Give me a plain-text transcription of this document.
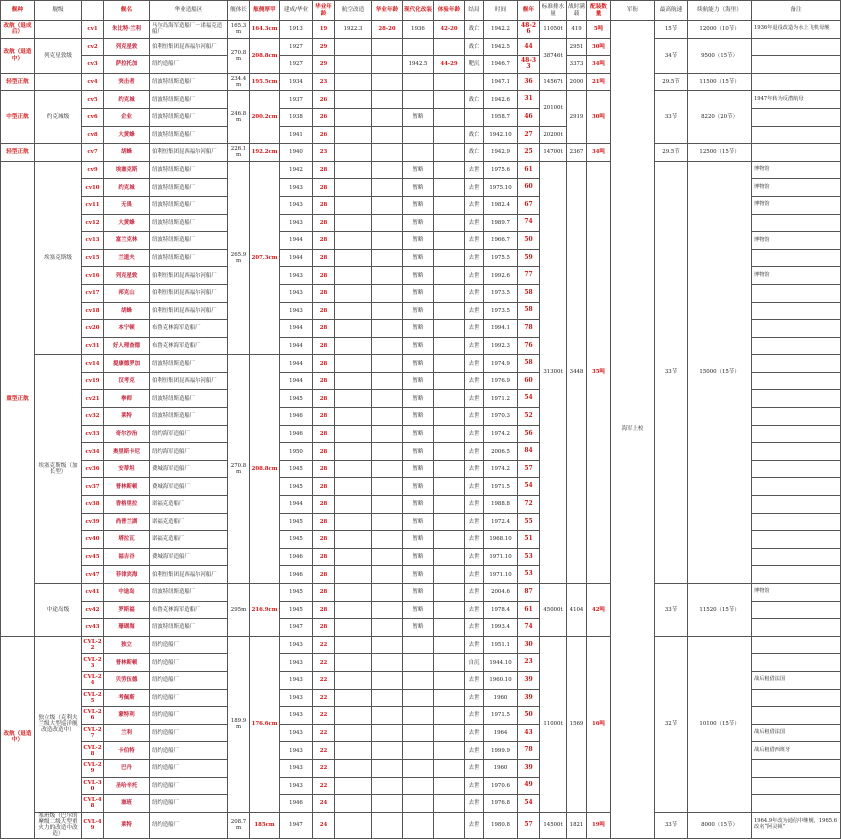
舰种	舰级		舰名	华业造船区	舰体长	舷侧厚甲	建成/华业	华业年龄	航空改造	华业年龄	现代化改装	体验年龄	结局	时间	舰年	标准排水量	战时满载	配装数量	军衔	最高航速	续航能力（海里）	备注
改航（退成后）		cv1	朱比特·兰利	马尔岛海军造船厂－诺福克造船厂	165.3m	164.3cm	1913	19	1922.3	28-20	1936	42-20	战亡	1942.2	48-26	11050t	419	5吨	海军上校	15节	12000（10节）	1936年退役改造为水上飞机母舰
改航（退造中）	列克星敦级	cv2	列克星敦	伯利恒集团昆西福尔河船厂	270.8m	208.8cm	1927	29					战亡	1942.5	44	38746t	2951	30吨		34节	9500（15节）	
		cv3	萨拉托加	纽约造船厂			1927	29			1942.5	44-29	靶沉	1946.7	48-33		3373	34吨				
轻型正航		cv4	突击者	纽波特纽斯造船厂	234.4m	195.5cm	1934	23						1947.1	36	14567t	2000	21吨		29.5节	11500（15节）	
中型正航	约克城级	cv5	约克城	纽波特纽斯造船厂	246.8m	200.2cm	1937	26					战亡	1942.6	31	20100t	2919	30吨		33节	8220（20节）	1947年转为反潜航母
		cv6	企业	纽波特纽斯造船厂			1938	26			暂略			1958.7	46							
		cv8	大黄蜂	纽波特纽斯造船厂			1941	26					战亡	1942.10	27	20200t						
轻型正航		cv7	胡蜂	伯利恒集团昆西福尔河船厂	226.1m	192.2cm	1940	23					战亡	1942.9	25	14700t	2367	34吨		29.5节	12500（15节）	
重型正航	埃塞克斯级	cv9	埃塞克斯	纽波特纽斯造船厂	265.9m	207.3cm	1942	28			暂略		去世	1975.6	61	31300t	3448	35吨		33节	15000（15节）	博物馆
		cv10	约克城	纽波特纽斯造船厂			1943	28			暂略		去世	1975.10	60							博物馆
		cv11	无畏	纽波特纽斯造船厂			1943	28			暂略		去世	1982.4	67							博物馆
		cv12	大黄蜂	纽波特纽斯造船厂			1943	28			暂略		去世	1989.7	74							
		cv13	富兰克林	纽波特纽斯造船厂			1944	28			暂略		去世	1966.7	50							博物馆
		cv15	兰道夫	纽波特纽斯造船厂			1944	28			暂略		去世	1975.5	59							
		cv16	列克星敦	伯利恒集团昆西福尔河船厂			1943	28			暂略		去世	1992.6	77							博物馆
		cv17	邦克山	伯利恒集团昆西福尔河船厂			1943	28			暂略		去世	1973.5	58							
		cv18	胡蜂	伯利恒集团昆西福尔河船厂			1943	28			暂略		去世	1973.5	58							
		cv20	本宁顿	布鲁克林海军造船厂			1944	28			暂略		去世	1994.1	78							
		cv31	好人理查德	布鲁克林海军造船厂			1944	28			暂略		去世	1992.3	76							
	埃塞克斯级（加长型）	cv14	提康德罗加	纽波特纽斯造船厂	270.8m	208.8cm	1944	28			暂略		去世	1974.9	58							
		cv19	汉考克	伯利恒集团昆西福尔河船厂			1944	28			暂略		去世	1976.9	60							
		cv21	拳师	纽波特纽斯造船厂			1945	28			暂略		去世	1971.2	54							
		cv32	莱特	纽波特纽斯造船厂			1946	28			暂略		去世	1970.3	52							
		cv33	奇尔沙治	纽约海军造船厂			1946	28			暂略		去世	1974.2	56							
		cv34	奥里斯卡尼	纽约海军造船厂			1950	28			暂略		去世	2006.5	84							
		cv36	安蒂坦	费城海军造船厂			1945	28			暂略		去世	1974.2	57							
		cv37	普林斯顿	费城海军造船厂			1945	28			暂略		去世	1971.5	54							
		cv38	香格里拉	诺福克造船厂			1944	28			暂略		去世	1988.8	72							
		cv39	尚普兰湖	诺福克造船厂			1945	28			暂略		去世	1972.4	55							
		cv40	塔拉瓦	诺福克造船厂			1945	28			暂略		去世	1968.10	51							
		cv45	福吉谷	费城海军造船厂			1946	28			暂略		去世	1971.10	53							
		cv47	菲律宾海	伯利恒集团昆西福尔河船厂			1946	28			暂略		去世	1971.10	53							
	中途岛级	cv41	中途岛	纽波特纽斯造船厂	295m	216.9cm	1945	28			暂略		去世	2004.6	87	45000t	4104	42吨		33节	11520（15节）	博物馆
		cv42	罗斯福	布鲁克林海军造船厂			1945	28			暂略		去世	1978.4	61							
		cv43	珊瑚海	纽波特纽斯造船厂			1947	28			暂略		去世	1993.4	74							
改航（退造中）	独立级（克利夫兰级大型巡洋舰改造改造中）	CVL-22	独立	纽约造船厂	189.9m	176.6cm	1943	22					去世	1951.1	30	11000t	1569	16吨		32节	10100（15节）	
		CVL-23	普林斯顿	纽约造船厂			1943	22					自沉	1944.10	23							
		CVL-24	贝劳伍德	纽约造船厂			1943	22					去世	1960.10	39							战后租借法国
		CVL-25	考佩斯	纽约造船厂			1943	22					去世	1960	39							
		CVL-26	蒙特利	纽约造船厂			1943	22					去世	1971.5	50							
		CVL-27	兰利	纽约造船厂			1943	22					去世	1964	43							战后租借法国
		CVL-28	卡伯特	纽约造船厂			1943	22					去世	1999.9	78							战后租借西班牙
		CVL-29	巴丹	纽约造船厂			1943	22					去世	1960	39							
		CVL-30	圣哈辛托	纽约造船厂			1943	22					去世	1970.6	49							
		CVL-48	塞班	纽约造船厂			1946	24					去世	1976.8	54							
	塞班级（巴尔的摩级二级大型重火力的改造中改造）	CVL-49	莱特	纽约造船厂	208.7m	185cm	1947	24					去世	1980.8	57	14500t	1821	19吨		33节	8000（15节）	1964.9年改为通信中继舰，1965.6改名“阿灵顿”
